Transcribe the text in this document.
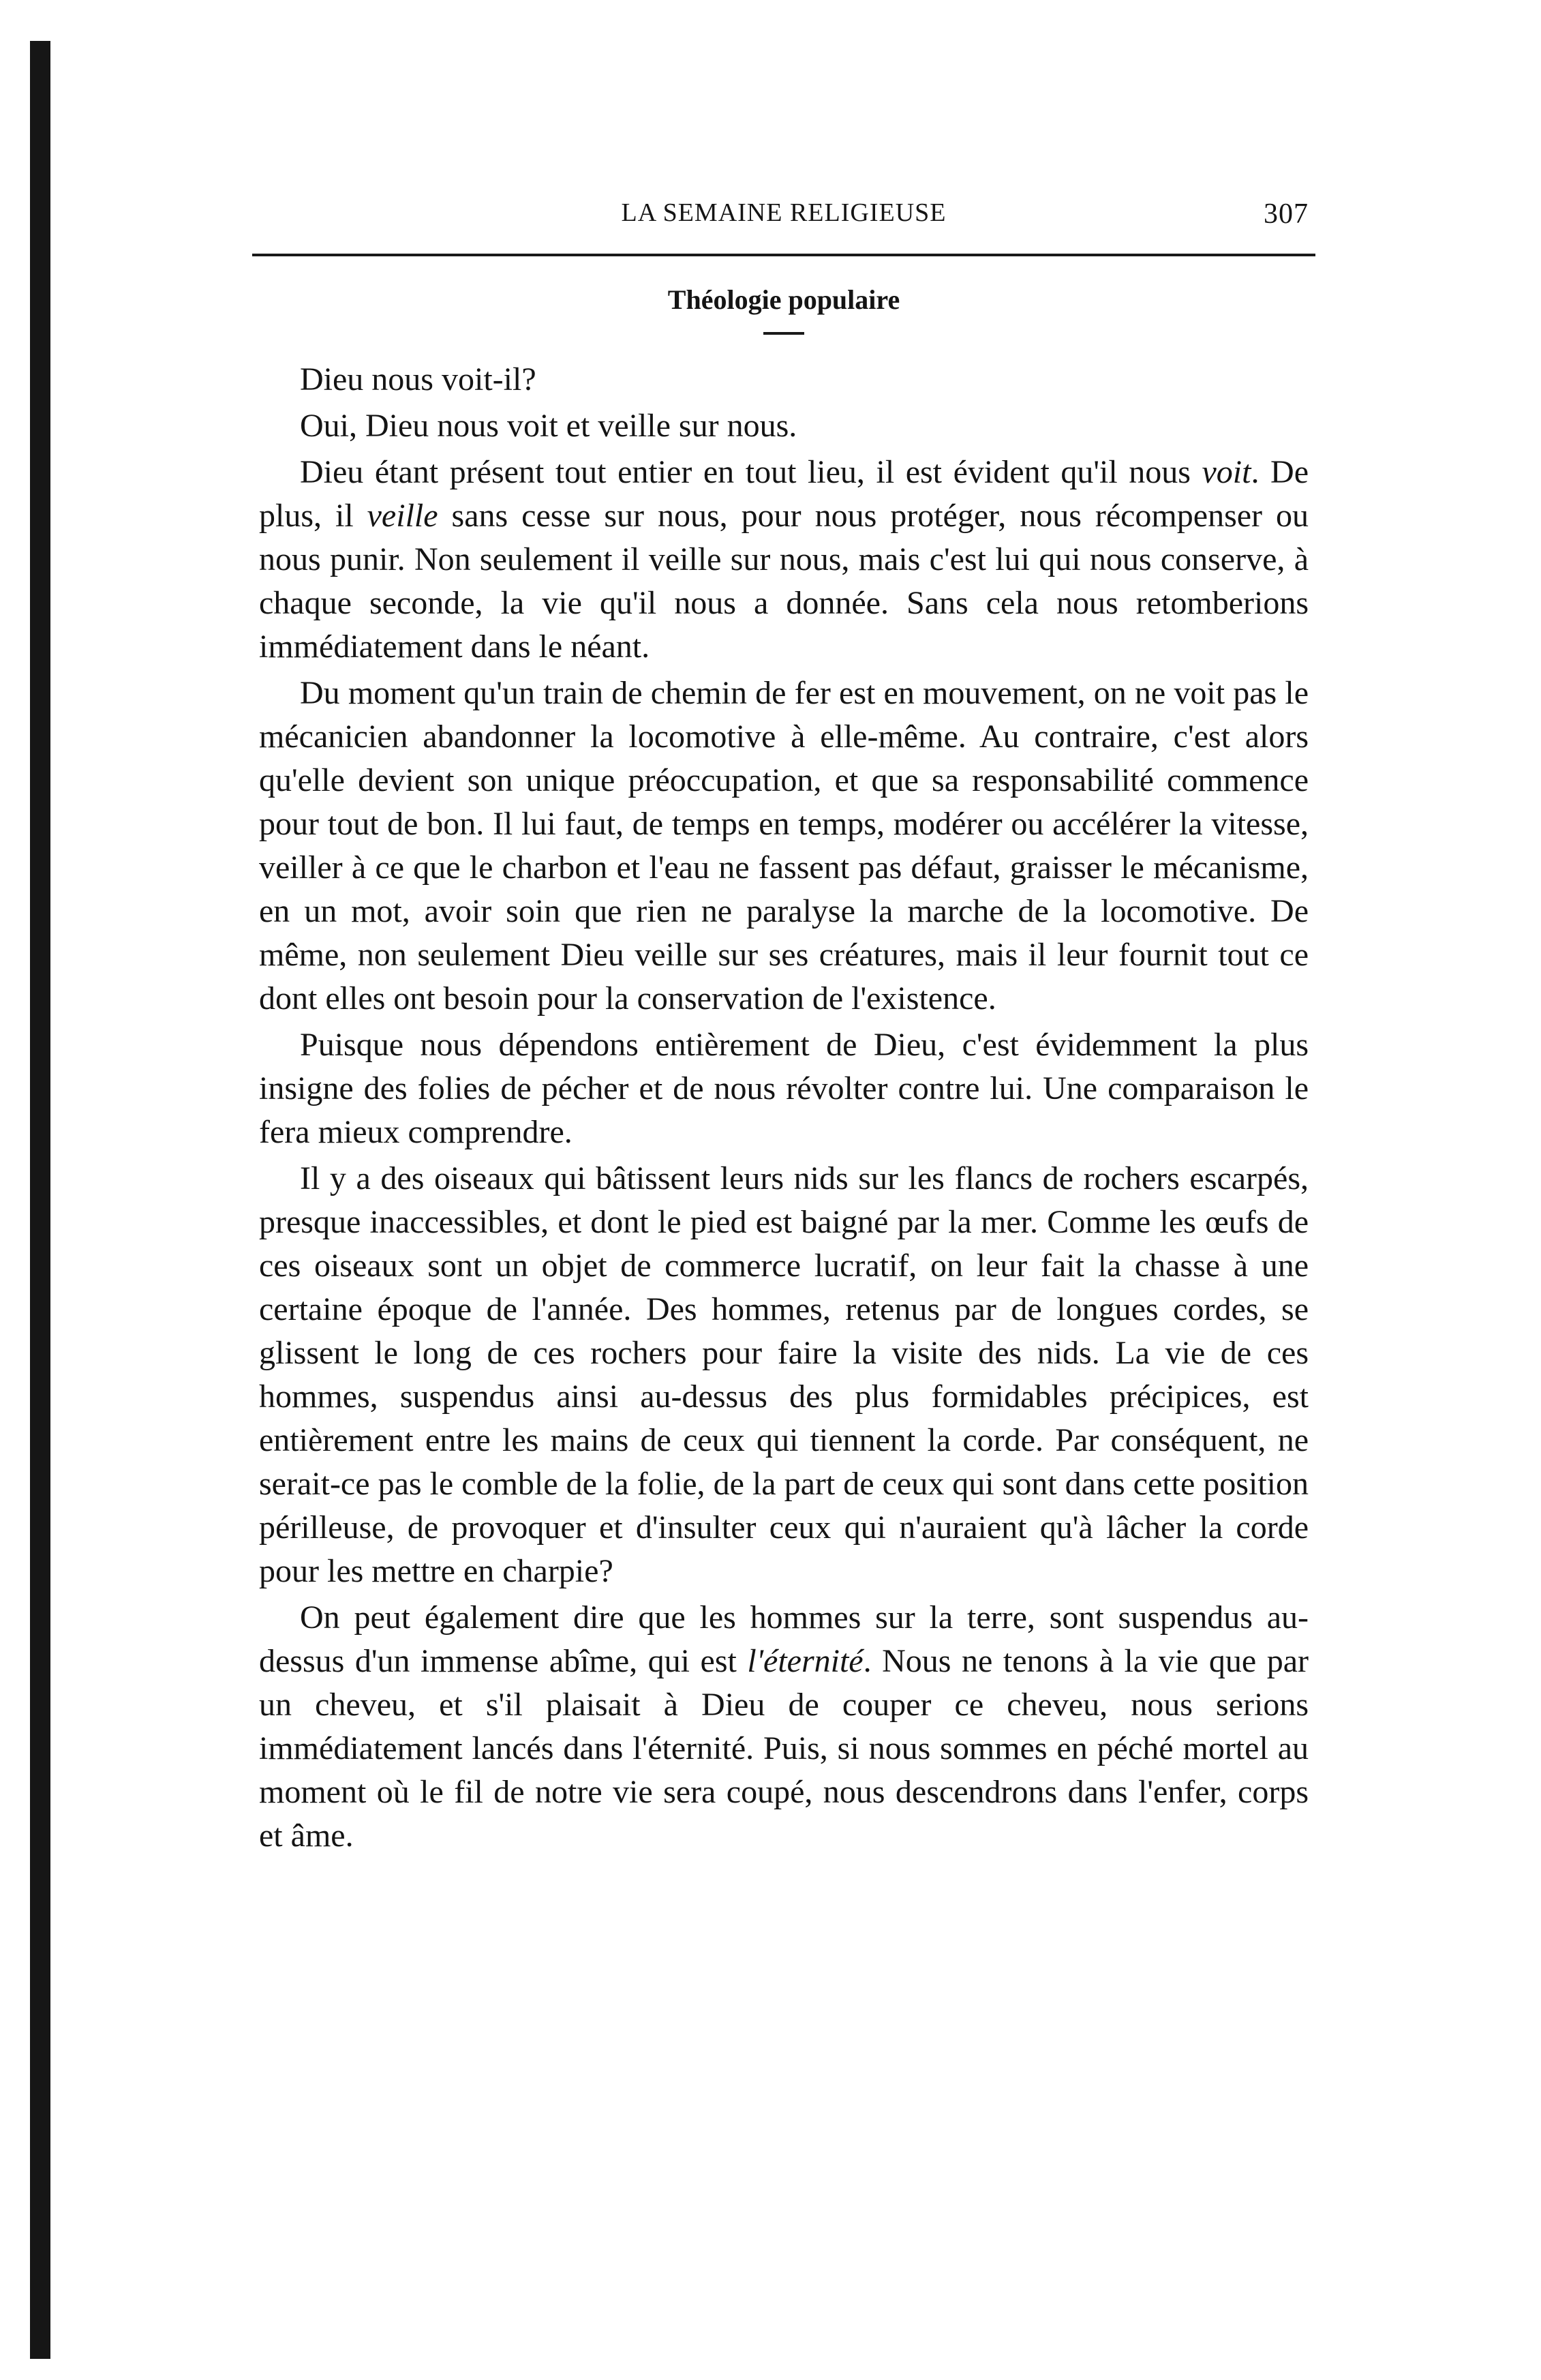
LA SEMAINE RELIGIEUSE	307
Théologie populaire

Dieu nous voit-il?

Oui, Dieu nous voit et veille sur nous.

Dieu étant présent tout entier en tout lieu, il est évident qu'il nous voit. De plus, il veille sans cesse sur nous, pour nous protéger, nous récompenser ou nous punir. Non seulement il veille sur nous, mais c'est lui qui nous conserve, à chaque seconde, la vie qu'il nous a donnée. Sans cela nous retomberions immédiatement dans le néant.

Du moment qu'un train de chemin de fer est en mouvement, on ne voit pas le mécanicien abandonner la locomotive à elle-même. Au contraire, c'est alors qu'elle devient son unique préoccupation, et que sa responsabilité commence pour tout de bon. Il lui faut, de temps en temps, modérer ou accélérer la vitesse, veiller à ce que le charbon et l'eau ne fassent pas défaut, graisser le mécanisme, en un mot, avoir soin que rien ne paralyse la marche de la locomotive. De même, non seulement Dieu veille sur ses créatures, mais il leur fournit tout ce dont elles ont besoin pour la conservation de l'existence.

Puisque nous dépendons entièrement de Dieu, c'est évidemment la plus insigne des folies de pécher et de nous révolter contre lui. Une comparaison le fera mieux comprendre.

Il y a des oiseaux qui bâtissent leurs nids sur les flancs de rochers escarpés, presque inaccessibles, et dont le pied est baigné par la mer. Comme les œufs de ces oiseaux sont un objet de commerce lucratif, on leur fait la chasse à une certaine époque de l'année. Des hommes, retenus par de longues cordes, se glissent le long de ces rochers pour faire la visite des nids. La vie de ces hommes, suspendus ainsi au-dessus des plus formidables précipices, est entièrement entre les mains de ceux qui tiennent la corde. Par conséquent, ne serait-ce pas le comble de la folie, de la part de ceux qui sont dans cette position périlleuse, de provoquer et d'insulter ceux qui n'auraient qu'à lâcher la corde pour les mettre en charpie?

On peut également dire que les hommes sur la terre, sont suspendus au-dessus d'un immense abîme, qui est l'éternité. Nous ne tenons à la vie que par un cheveu, et s'il plaisait à Dieu de couper ce cheveu, nous serions immédiatement lancés dans l'éternité. Puis, si nous sommes en péché mortel au moment où le fil de notre vie sera coupé, nous descendrons dans l'enfer, corps et âme.
